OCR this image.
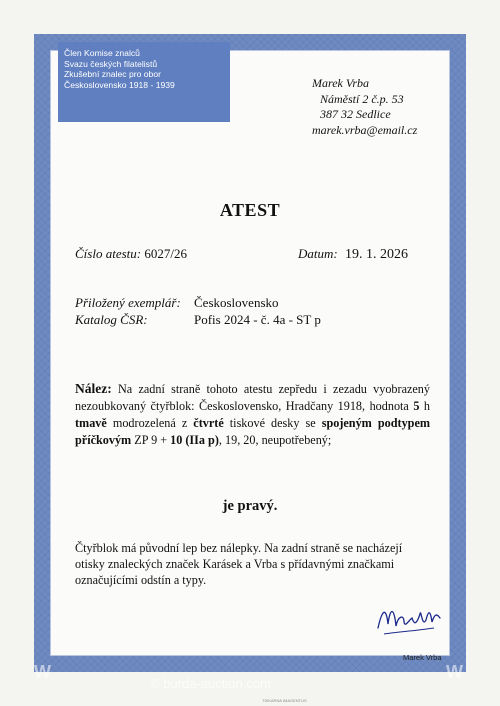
Člen Komise znalců
Svazu českých filatelistů
Zkušební znalec pro obor
Československo 1918 - 1939	Marek Vrba
Náměstí 2 č.p. 53
387 32 Sedlice
marek.vrba@email.cz
ATEST
Číslo atestu: 6027/26	Datum: 19. 1. 2026
Přiložený exemplář: Československo
Katalog ČSR:	Pofis 2024 - č. 4a - ST p
Nález: Na zadní straně tohoto atestu zepředu i zezadu vyobrazený nezoubkovaný čtyřblok: Československo, Hradčany 1918, hodnota 5 h tmavě modrozelená z čtvrté tiskové desky se spojeným podtypem příčkovým ZP 9 + 10 (IIa p), 19, 20, neupotřebený;
je pravý.
Čtyřblok má původní lep bez nálepky. Na zadní straně se nacházejí otisky znaleckých značek Karásek a Vrba s přídavnými značkami označujícími odstín a typy.
Marek Vrba
W	W
© burda-auction.com
TISKARNA IMAGENTUS
